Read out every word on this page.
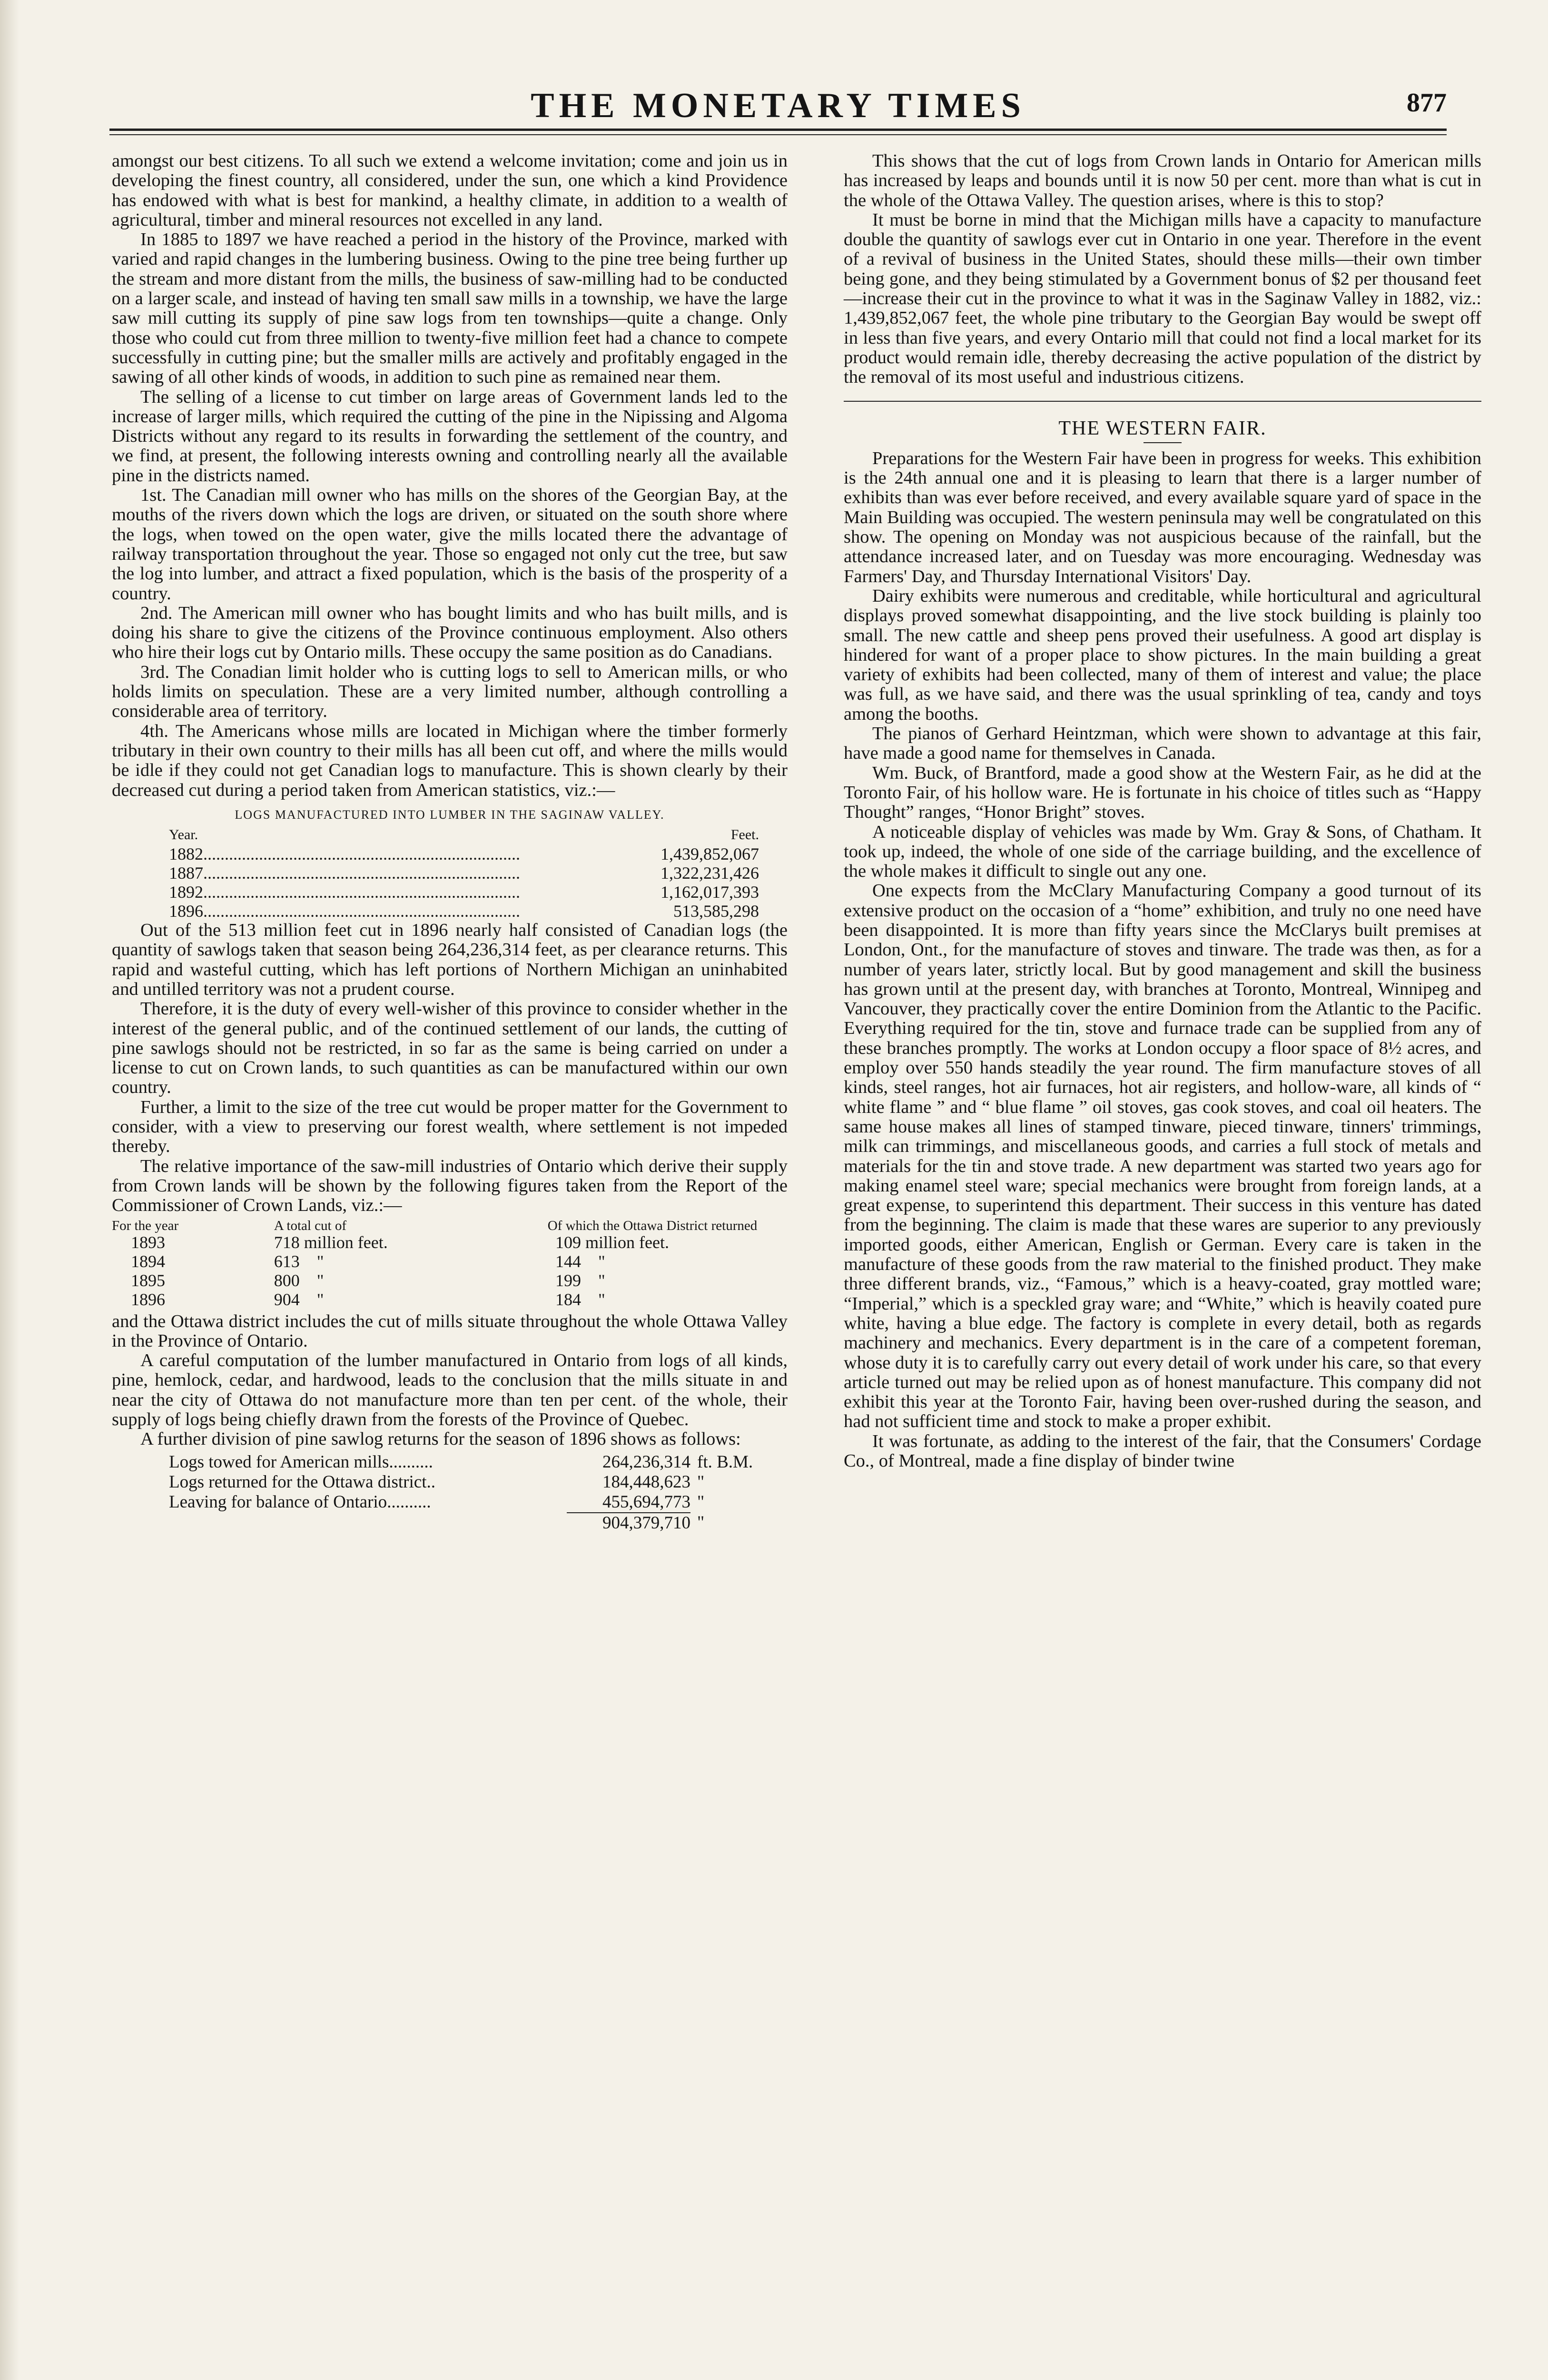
THE MONETARY TIMES	877

amongst our best citizens. To all such we extend a welcome invitation; come and join us in developing the finest country, all considered, under the sun, one which a kind Providence has endowed with what is best for mankind, a healthy climate, in addition to a wealth of agricultural, timber and mineral resources not excelled in any land.

In 1885 to 1897 we have reached a period in the history of the Province, marked with varied and rapid changes in the lumbering business. Owing to the pine tree being further up the stream and more distant from the mills, the business of saw-milling had to be conducted on a larger scale, and instead of having ten small saw mills in a township, we have the large saw mill cutting its supply of pine saw logs from ten townships—quite a change. Only those who could cut from three million to twenty-five million feet had a chance to compete successfully in cutting pine; but the smaller mills are actively and profitably engaged in the sawing of all other kinds of woods, in addition to such pine as remained near them.

The selling of a license to cut timber on large areas of Government lands led to the increase of larger mills, which required the cutting of the pine in the Nipissing and Algoma Districts without any regard to its results in forwarding the settlement of the country, and we find, at present, the following interests owning and controlling nearly all the available pine in the districts named.

1st. The Canadian mill owner who has mills on the shores of the Georgian Bay, at the mouths of the rivers down which the logs are driven, or situated on the south shore where the logs, when towed on the open water, give the mills located there the advantage of railway transportation throughout the year. Those so engaged not only cut the tree, but saw the log into lumber, and attract a fixed population, which is the basis of the prosperity of a country.

2nd. The American mill owner who has bought limits and who has built mills, and is doing his share to give the citizens of the Province continuous employment. Also others who hire their logs cut by Ontario mills. These occupy the same position as do Canadians.

3rd. The Conadian limit holder who is cutting logs to sell to American mills, or who holds limits on speculation. These are a very limited number, although controlling a considerable area of territory.

4th. The Americans whose mills are located in Michigan where the timber formerly tributary in their own country to their mills has all been cut off, and where the mills would be idle if they could not get Canadian logs to manufacture. This is shown clearly by their decreased cut during a period taken from American statistics, viz.:—

LOGS MANUFACTURED INTO LUMBER IN THE SAGINAW VALLEY.
Year.		Feet.
1882	..........................................................................	1,439,852,067
1887	..........................................................................	1,322,231,426
1892	..........................................................................	1,162,017,393
1896	..........................................................................	513,585,298

Out of the 513 million feet cut in 1896 nearly half consisted of Canadian logs (the quantity of sawlogs taken that season being 264,236,314 feet, as per clearance returns. This rapid and wasteful cutting, which has left portions of Northern Michigan an uninhabited and untilled territory was not a prudent course.

Therefore, it is the duty of every well-wisher of this province to consider whether in the interest of the general public, and of the continued settlement of our lands, the cutting of pine sawlogs should not be restricted, in so far as the same is being carried on under a license to cut on Crown lands, to such quantities as can be manufactured within our own country.

Further, a limit to the size of the tree cut would be proper matter for the Government to consider, with a view to preserving our forest wealth, where settlement is not impeded thereby.

The relative importance of the saw-mill industries of Ontario which derive their supply from Crown lands will be shown by the following figures taken from the Report of the Commissioner of Crown Lands, viz.:—

For the year	A total cut of	Of which the Ottawa District returned
1893	718 million feet.	109 million feet.
1894	613    "	144    "
1895	800    "	199    "
1896	904    "	184    "

and the Ottawa district includes the cut of mills situate throughout the whole Ottawa Valley in the Province of Ontario.

A careful computation of the lumber manufactured in Ontario from logs of all kinds, pine, hemlock, cedar, and hardwood, leads to the conclusion that the mills situate in and near the city of Ottawa do not manufacture more than ten per cent. of the whole, their supply of logs being chiefly drawn from the forests of the Province of Quebec.

A further division of pine sawlog returns for the season of 1896 shows as follows:

Logs towed for American mills..........	264,236,314	ft. B.M.
Logs returned for the Ottawa district..	184,448,623	"
Leaving for balance of Ontario..........	455,694,773	"
	904,379,710	"

This shows that the cut of logs from Crown lands in Ontario for American mills has increased by leaps and bounds until it is now 50 per cent. more than what is cut in the whole of the Ottawa Valley. The question arises, where is this to stop?

It must be borne in mind that the Michigan mills have a capacity to manufacture double the quantity of sawlogs ever cut in Ontario in one year. Therefore in the event of a revival of business in the United States, should these mills—their own timber being gone, and they being stimulated by a Government bonus of $2 per thousand feet—increase their cut in the province to what it was in the Saginaw Valley in 1882, viz.: 1,439,852,067 feet, the whole pine tributary to the Georgian Bay would be swept off in less than five years, and every Ontario mill that could not find a local market for its product would remain idle, thereby decreasing the active population of the district by the removal of its most useful and industrious citizens.

THE WESTERN FAIR.

Preparations for the Western Fair have been in progress for weeks. This exhibition is the 24th annual one and it is pleasing to learn that there is a larger number of exhibits than was ever before received, and every available square yard of space in the Main Building was occupied. The western peninsula may well be congratulated on this show. The opening on Monday was not auspicious because of the rainfall, but the attendance increased later, and on Tuesday was more encouraging. Wednesday was Farmers' Day, and Thursday International Visitors' Day.

Dairy exhibits were numerous and creditable, while horticultural and agricultural displays proved somewhat disappointing, and the live stock building is plainly too small. The new cattle and sheep pens proved their usefulness. A good art display is hindered for want of a proper place to show pictures. In the main building a great variety of exhibits had been collected, many of them of interest and value; the place was full, as we have said, and there was the usual sprinkling of tea, candy and toys among the booths.

The pianos of Gerhard Heintzman, which were shown to advantage at this fair, have made a good name for themselves in Canada.

Wm. Buck, of Brantford, made a good show at the Western Fair, as he did at the Toronto Fair, of his hollow ware. He is fortunate in his choice of titles such as “Happy Thought” ranges, “Honor Bright” stoves.

A noticeable display of vehicles was made by Wm. Gray & Sons, of Chatham. It took up, indeed, the whole of one side of the carriage building, and the excellence of the whole makes it difficult to single out any one.

One expects from the McClary Manufacturing Company a good turnout of its extensive product on the occasion of a “home” exhibition, and truly no one need have been disappointed. It is more than fifty years since the McClarys built premises at London, Ont., for the manufacture of stoves and tinware. The trade was then, as for a number of years later, strictly local. But by good management and skill the business has grown until at the present day, with branches at Toronto, Montreal, Winnipeg and Vancouver, they practically cover the entire Dominion from the Atlantic to the Pacific. Everything required for the tin, stove and furnace trade can be supplied from any of these branches promptly. The works at London occupy a floor space of 8½ acres, and employ over 550 hands steadily the year round. The firm manufacture stoves of all kinds, steel ranges, hot air furnaces, hot air registers, and hollow-ware, all kinds of “ white flame ” and “ blue flame ” oil stoves, gas cook stoves, and coal oil heaters. The same house makes all lines of stamped tinware, pieced tinware, tinners' trimmings, milk can trimmings, and miscellaneous goods, and carries a full stock of metals and materials for the tin and stove trade. A new department was started two years ago for making enamel steel ware; special mechanics were brought from foreign lands, at a great expense, to superintend this department. Their success in this venture has dated from the beginning. The claim is made that these wares are superior to any previously imported goods, either American, English or German. Every care is taken in the manufacture of these goods from the raw material to the finished product. They make three different brands, viz., “Famous,” which is a heavy-coated, gray mottled ware; “Imperial,” which is a speckled gray ware; and “White,” which is heavily coated pure white, having a blue edge. The factory is complete in every detail, both as regards machinery and mechanics. Every department is in the care of a competent foreman, whose duty it is to carefully carry out every detail of work under his care, so that every article turned out may be relied upon as of honest manufacture. This company did not exhibit this year at the Toronto Fair, having been over-rushed during the season, and had not sufficient time and stock to make a proper exhibit.

It was fortunate, as adding to the interest of the fair, that the Consumers' Cordage Co., of Montreal, made a fine display of binder twine
